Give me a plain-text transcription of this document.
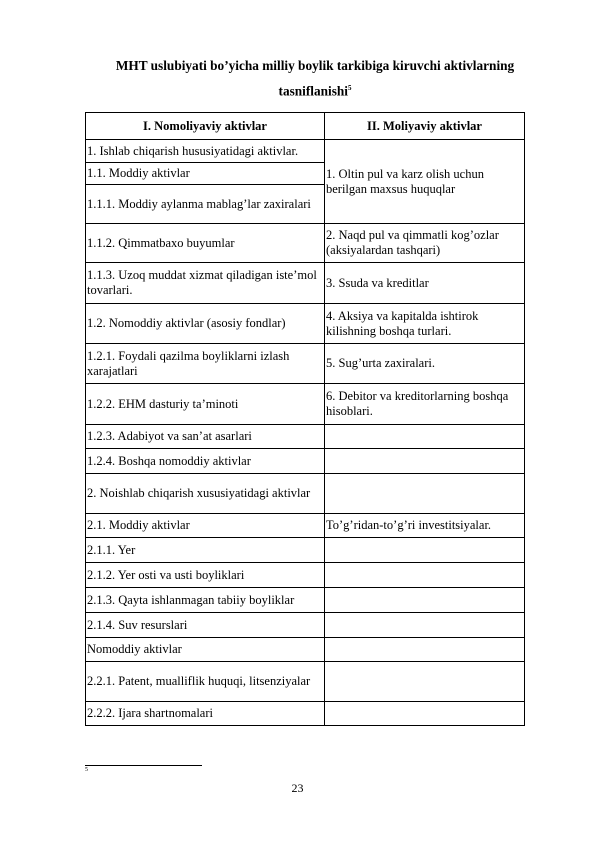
MHT uslubiyati bo’yicha milliy boylik tarkibiga kiruvchi aktivlarning tasniflanishi$^5$
I. Nomoliyaviy aktivlar	II. Moliyaviy aktivlar
1. Ishlab chiqarish hususiyatidagi aktivlar.	1. Oltin pul va karz olish uchun berilgan maxsus huquqlar
1.1. Moddiy aktivlar	
1.1.1. Moddiy aylanma mablag’lar zaxiralari	
1.1.2. Qimmatbaxo buyumlar	2. Naqd pul va qimmatli kog’ozlar (aksiyalardan tashqari)
1.1.3. Uzoq muddat xizmat qiladigan iste’mol tovarlari.	3. Ssuda va kreditlar
1.2. Nomoddiy aktivlar (asosiy fondlar)	4. Aksiya va kapitalda ishtirok kilishning boshqa turlari.
1.2.1. Foydali qazilma boyliklarni izlash xarajatlari	5. Sug’urta zaxiralari.
1.2.2. EHM dasturiy ta’minoti	6. Debitor va kreditorlarning boshqa hisoblari.
1.2.3. Adabiyot va san’at asarlari	
1.2.4. Boshqa nomoddiy aktivlar	
2. Noishlab chiqarish xususiyatidagi aktivlar	
2.1. Moddiy aktivlar	To’g’ridan-to’g’ri investitsiyalar.
2.1.1. Yer	
2.1.2. Yer osti va usti boyliklari	
2.1.3. Qayta ishlanmagan tabiiy boyliklar	
2.1.4. Suv resurslari	
Nomoddiy aktivlar	
2.2.1. Patent, mualliflik huquqi, litsenziyalar	
2.2.2. Ijara shartnomalari	
5
23
